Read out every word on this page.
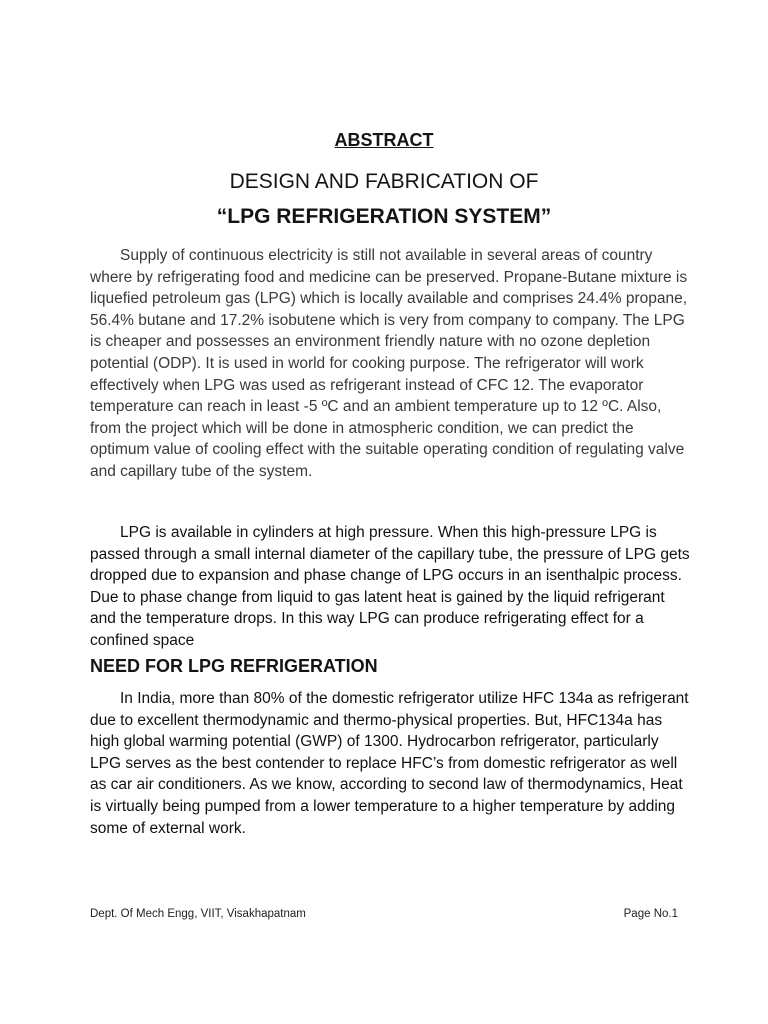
ABSTRACT
DESIGN AND FABRICATION OF
“LPG REFRIGERATION SYSTEM”

Supply of continuous electricity is still not available in several areas of country where by refrigerating food and medicine can be preserved. Propane-Butane mixture is liquefied petroleum gas (LPG) which is locally available and comprises 24.4% propane, 56.4% butane and 17.2% isobutene which is very from company to company. The LPG is cheaper and possesses an environment friendly nature with no ozone depletion potential (ODP). It is used in world for cooking purpose. The refrigerator will work effectively when LPG was used as refrigerant instead of CFC 12. The evaporator temperature can reach in least -5 ºC and an ambient temperature up to 12 ºC. Also, from the project which will be done in atmospheric condition, we can predict the optimum value of cooling effect with the suitable operating condition of regulating valve and capillary tube of the system.

LPG is available in cylinders at high pressure. When this high-pressure LPG is passed through a small internal diameter of the capillary tube, the pressure of LPG gets dropped due to expansion and phase change of LPG occurs in an isenthalpic process. Due to phase change from liquid to gas latent heat is gained by the liquid refrigerant and the temperature drops. In this way LPG can produce refrigerating effect for a confined space

NEED FOR LPG REFRIGERATION

In India, more than 80% of the domestic refrigerator utilize HFC 134a as refrigerant due to excellent thermodynamic and thermo-physical properties. But, HFC134a has high global warming potential (GWP) of 1300. Hydrocarbon refrigerator, particularly LPG serves as the best contender to replace HFC’s from domestic refrigerator as well as car air conditioners. As we know, according to second law of thermodynamics, Heat is virtually being pumped from a lower temperature to a higher temperature by adding some of external work.

Dept. Of Mech Engg, VIIT, Visakhapatnam	Page No.1
